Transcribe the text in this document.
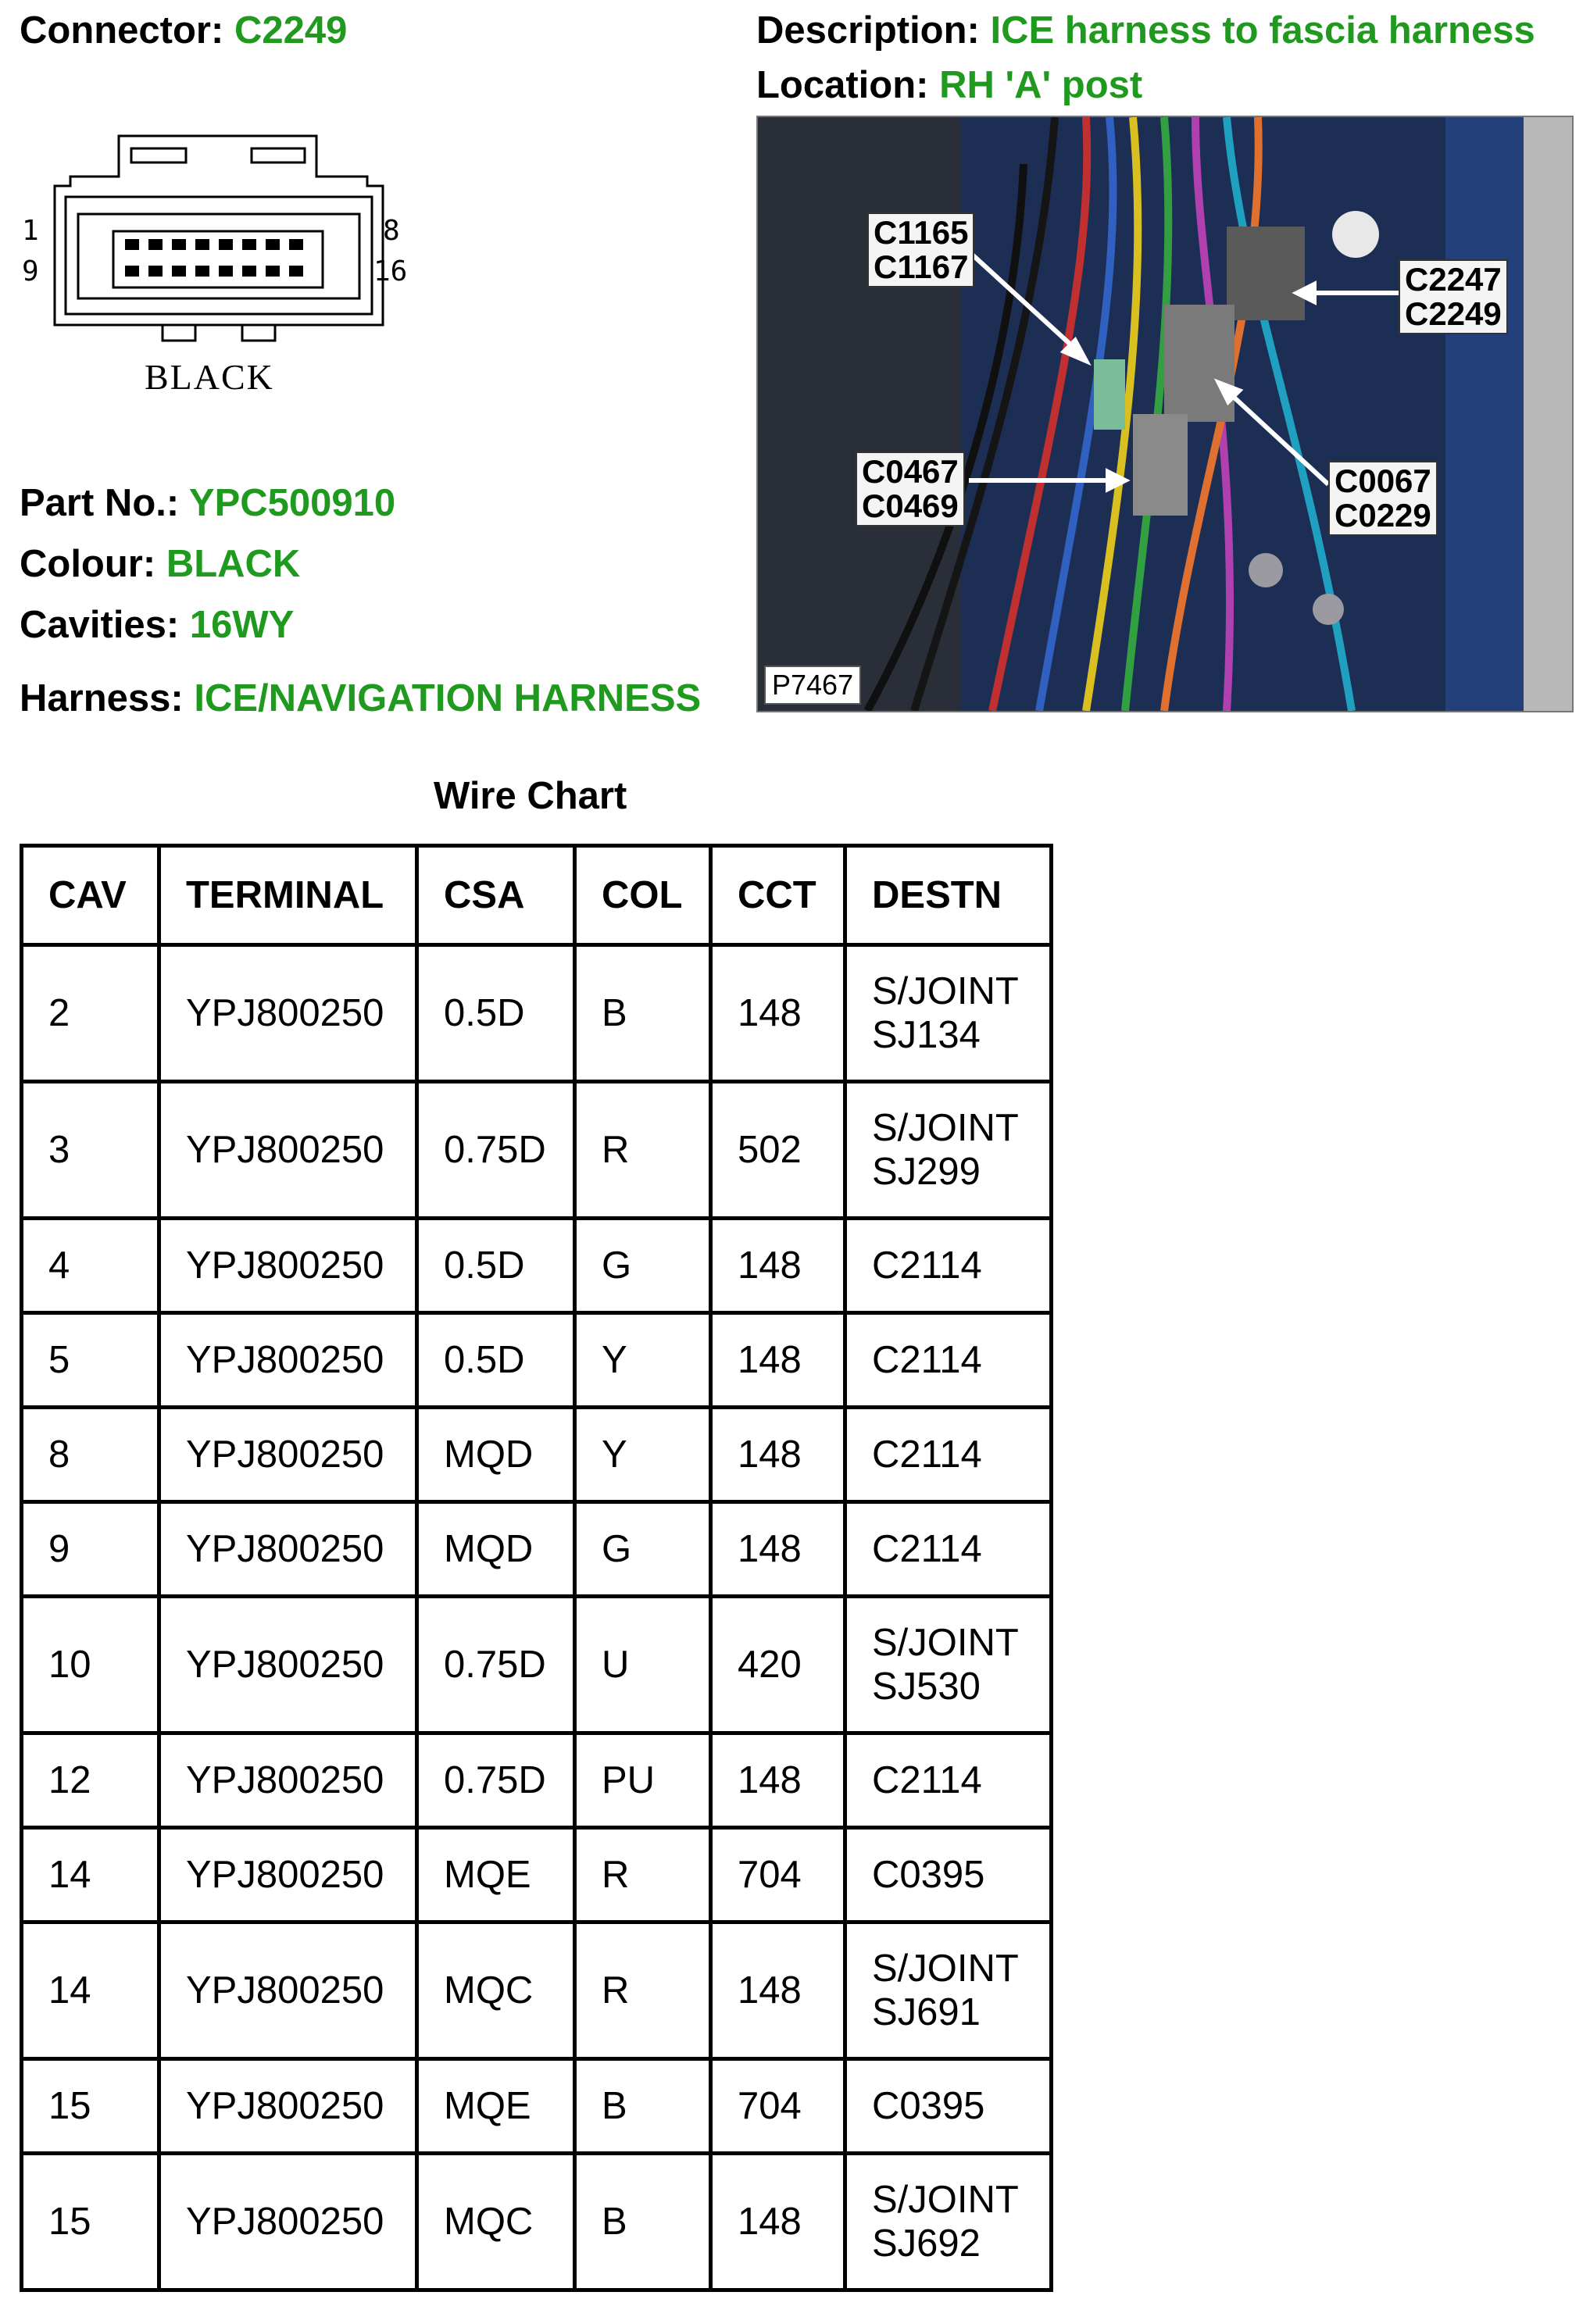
Connector: C2249	Description: ICE harness to fascia harness
Location: RH 'A' post
1
9
8
16
BLACK
Part No.: YPC500910
Colour: BLACK
Cavities: 16WY
Harness: ICE/NAVIGATION HARNESS
C1165
C1167	C2247
C2249
C0467
C0469
C0067
C0229
P7467
Wire Chart
CAV	TERMINAL	CSA	COL	CCT	DESTN
2	YPJ800250	0.5D	B	148	S/JOINT
SJ134
3	YPJ800250	0.75D	R	502	S/JOINT
SJ299
4	YPJ800250	0.5D	G	148	C2114
5	YPJ800250	0.5D	Y	148	C2114
8	YPJ800250	MQD	Y	148	C2114
9	YPJ800250	MQD	G	148	C2114
10	YPJ800250	0.75D	U	420	S/JOINT
SJ530
12	YPJ800250	0.75D	PU	148	C2114
14	YPJ800250	MQE	R	704	C0395
14	YPJ800250	MQC	R	148	S/JOINT
SJ691
15	YPJ800250	MQE	B	704	C0395
15	YPJ800250	MQC	B	148	S/JOINT
SJ692
